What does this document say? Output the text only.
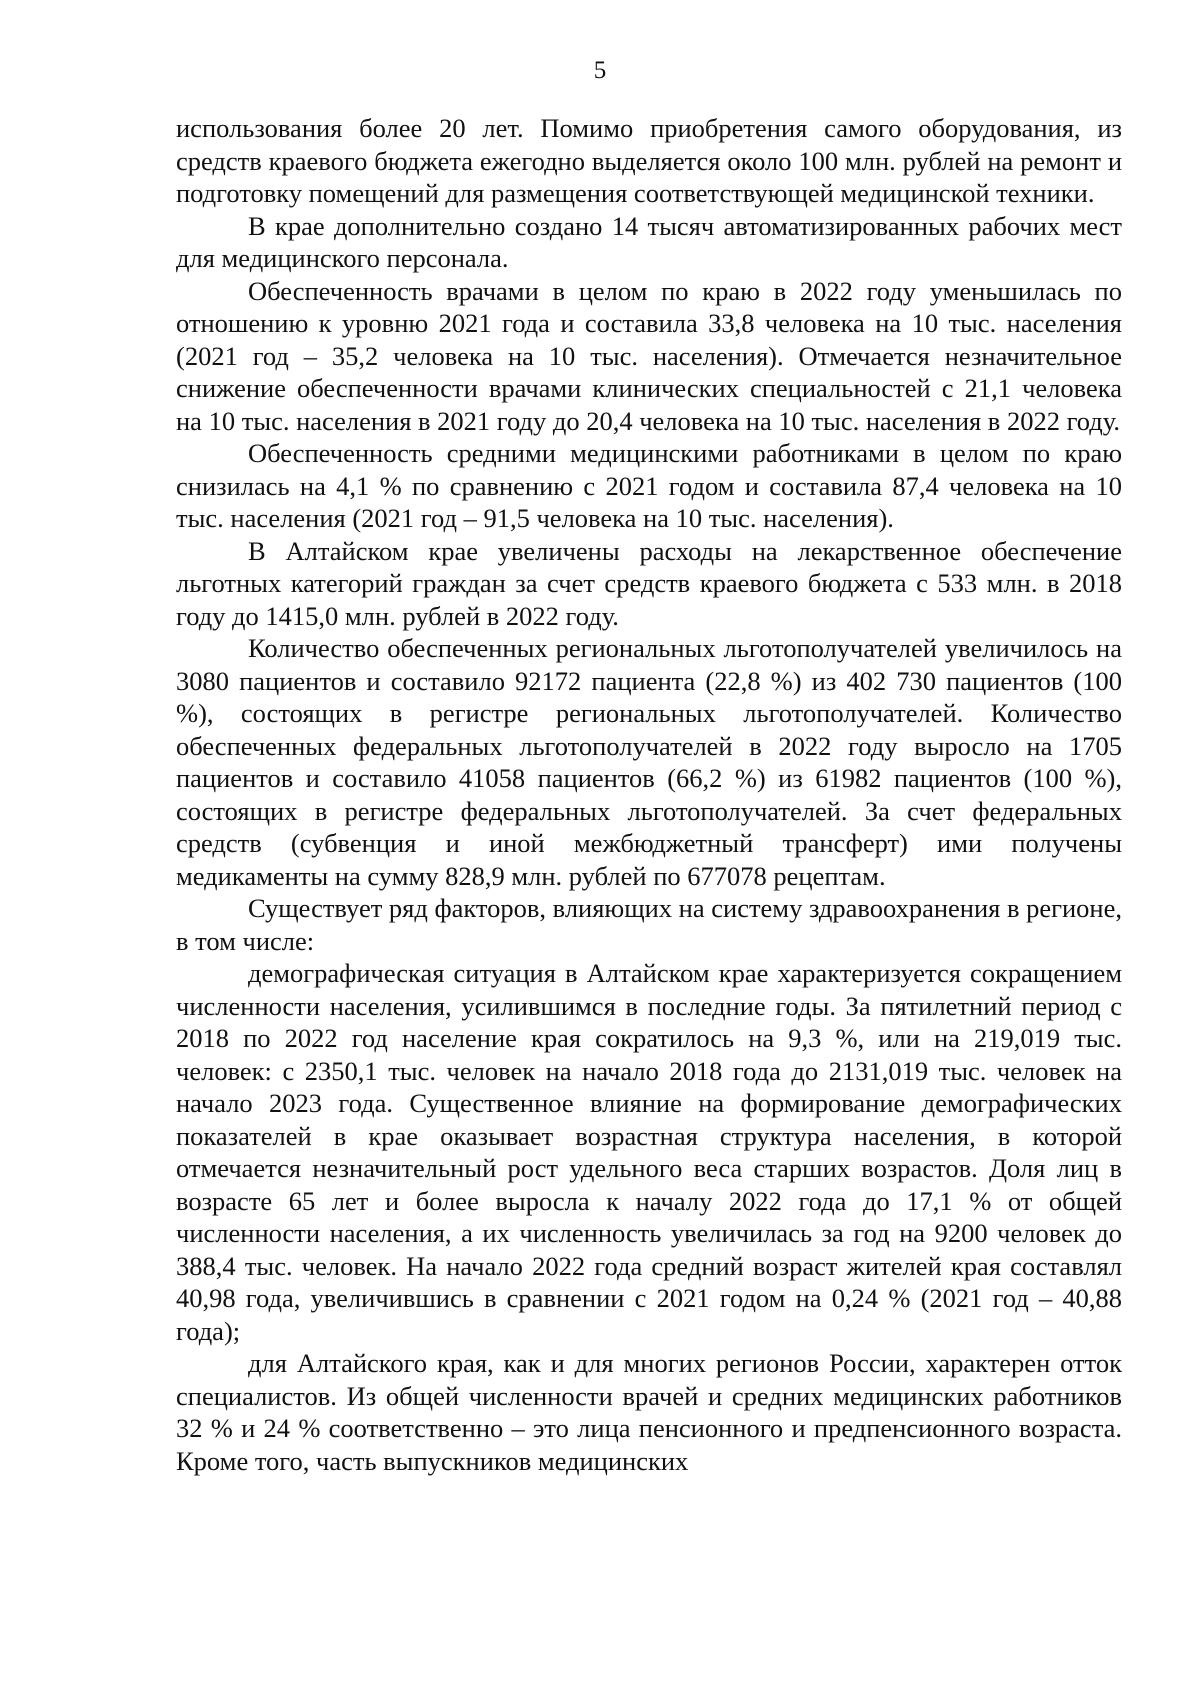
5

использования более 20 лет. Помимо приобретения самого оборудования, из средств краевого бюджета ежегодно выделяется около 100 млн. рублей на ремонт и подготовку помещений для размещения соответствующей медицинской техники.

В крае дополнительно создано 14 тысяч автоматизированных рабочих мест для медицинского персонала.

Обеспеченность врачами в целом по краю в 2022 году уменьшилась по отношению к уровню 2021 года и составила 33,8 человека на 10 тыс. населения (2021 год – 35,2 человека на 10 тыс. населения). Отмечается незначительное снижение обеспеченности врачами клинических специальностей с 21,1 человека на 10 тыс. населения в 2021 году до 20,4 человека на 10 тыс. населения в 2022 году.

Обеспеченность средними медицинскими работниками в целом по краю снизилась на 4,1 % по сравнению с 2021 годом и составила 87,4 человека на 10 тыс. населения (2021 год – 91,5 человека на 10 тыс. населения).

В Алтайском крае увеличены расходы на лекарственное обеспечение льготных категорий граждан за счет средств краевого бюджета с 533 млн. в 2018 году до 1415,0 млн. рублей в 2022 году.

Количество обеспеченных региональных льготополучателей увеличилось на 3080 пациентов и составило 92172 пациента (22,8 %) из 402 730 пациентов (100 %), состоящих в регистре региональных льготополучателей. Количество обеспеченных федеральных льготополучателей в 2022 году выросло на 1705 пациентов и составило 41058 пациентов (66,2 %) из 61982 пациентов (100 %), состоящих в регистре федеральных льготополучателей. За счет федеральных средств (субвенция и иной межбюджетный трансферт) ими получены медикаменты на сумму 828,9 млн. рублей по 677078 рецептам.

Существует ряд факторов, влияющих на систему здравоохранения в регионе, в том числе:

демографическая ситуация в Алтайском крае характеризуется сокращением численности населения, усилившимся в последние годы. За пятилетний период с 2018 по 2022 год население края сократилось на 9,3 %, или на 219,019 тыс. человек: с 2350,1 тыс. человек на начало 2018 года до 2131,019 тыс. человек на начало 2023 года. Существенное влияние на формирование демографических показателей в крае оказывает возрастная структура населения, в которой отмечается незначительный рост удельного веса старших возрастов. Доля лиц в возрасте 65 лет и более выросла к началу 2022 года до 17,1 % от общей численности населения, а их численность увеличилась за год на 9200 человек до 388,4 тыс. человек. На начало 2022 года средний возраст жителей края составлял 40,98 года, увеличившись в сравнении с 2021 годом на 0,24 % (2021 год – 40,88 года);

для Алтайского края, как и для многих регионов России, характерен отток специалистов. Из общей численности врачей и средних медицинских работников 32 % и 24 % соответственно – это лица пенсионного и предпенсионного возраста. Кроме того, часть выпускников медицинских
